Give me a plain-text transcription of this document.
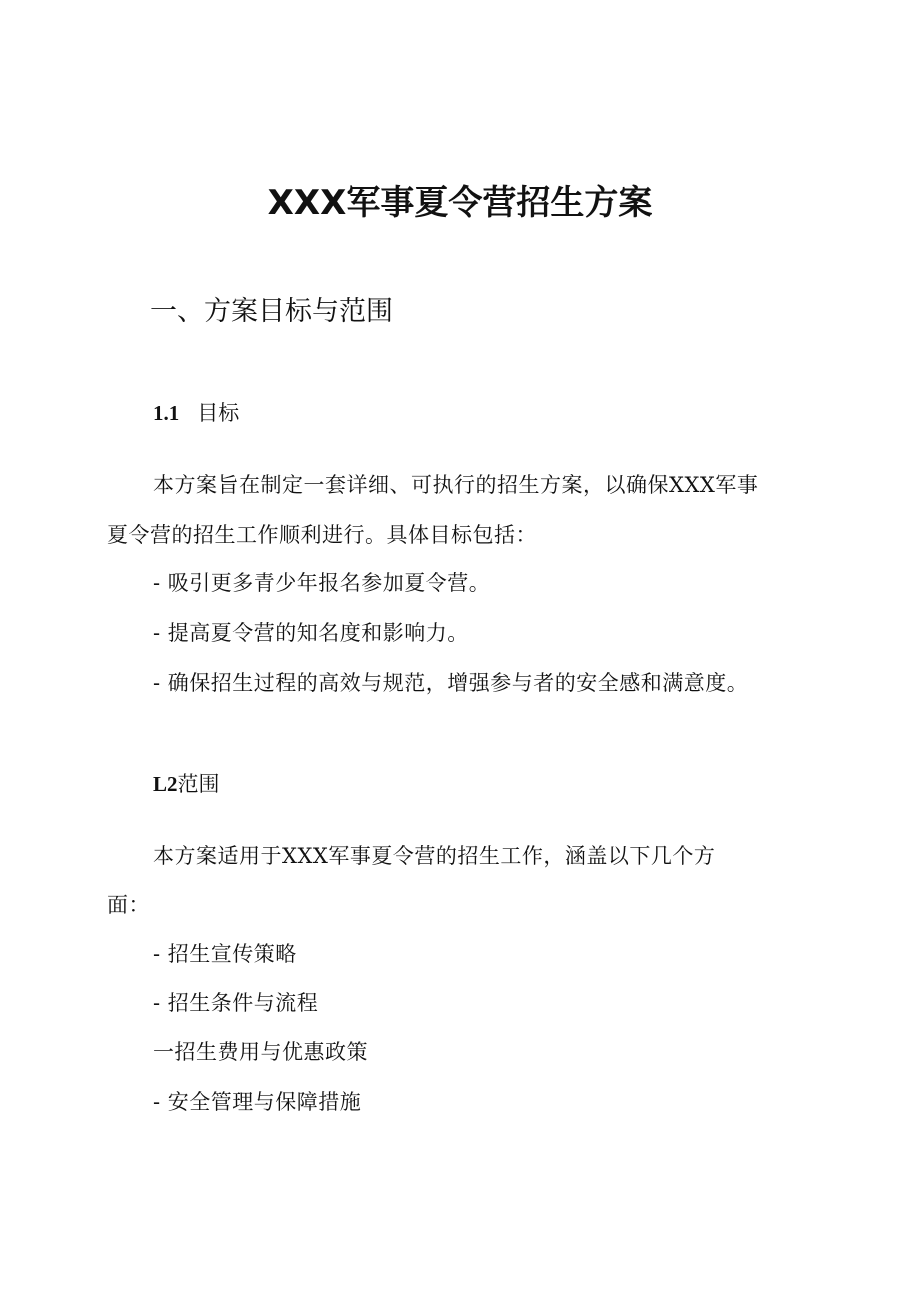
XXX军事夏令营招生方案
一、方案目标与范围
1.1 目标
本方案旨在制定一套详细、可执行的招生方案，以确保XXX军事
夏令营的招生工作顺利进行。具体目标包括：
- 吸引更多青少年报名参加夏令营。
- 提高夏令营的知名度和影响力。
- 确保招生过程的高效与规范，增强参与者的安全感和满意度。
L2范围
本方案适用于XXX军事夏令营的招生工作，涵盖以下几个方
面：
- 招生宣传策略
- 招生条件与流程
一招生费用与优惠政策
- 安全管理与保障措施
